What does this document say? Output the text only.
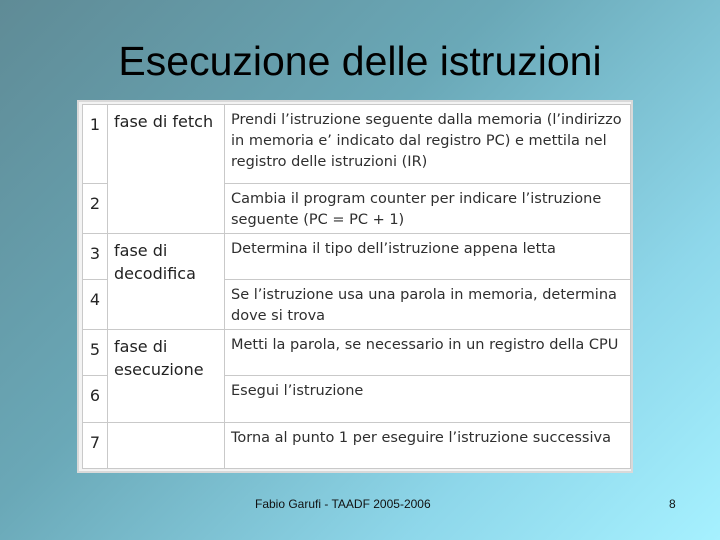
Esecuzione delle istruzioni
1	fase di fetch	Prendi l’istruzione seguente dalla memoria (l’indirizzo in memoria e’ indicato dal registro PC) e mettila nel registro delle istruzioni (IR)
2		Cambia il program counter per indicare l’istruzione seguente (PC = PC + 1)
3	fase di decodifica	Determina il tipo dell’istruzione appena letta
4		Se l’istruzione usa una parola in memoria, determina dove si trova
5	fase di esecuzione	Metti la parola, se necessario in un registro della CPU
6		Esegui l’istruzione
7		Torna al punto 1 per eseguire l’istruzione successiva
Fabio Garufi - TAADF 2005-2006	8
